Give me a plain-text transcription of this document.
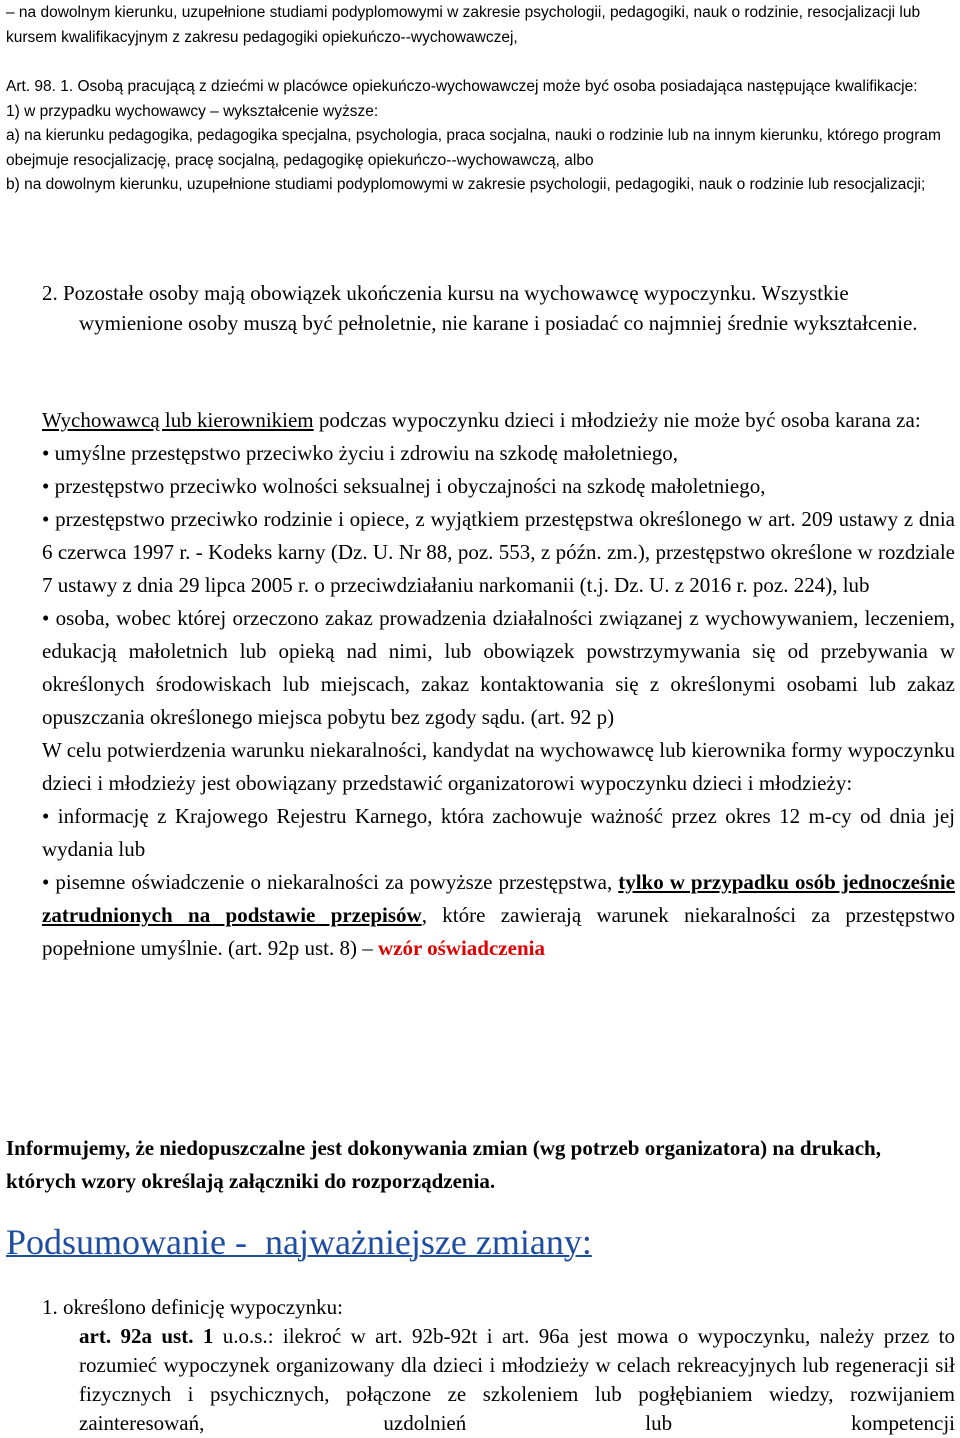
– na dowolnym kierunku, uzupełnione studiami podyplomowymi w zakresie psychologii, pedagogiki, nauk o rodzinie, resocjalizacji lub kursem kwalifikacyjnym z zakresu pedagogiki opiekuńczo--wychowawczej,

Art. 98. 1. Osobą pracującą z dziećmi w placówce opiekuńczo-wychowawczej może być osoba posiadająca następujące kwalifikacje:

1) w przypadku wychowawcy – wykształcenie wyższe:

a) na kierunku pedagogika, pedagogika specjalna, psychologia, praca socjalna, nauki o rodzinie lub na innym kierunku, którego program obejmuje resocjalizację, pracę socjalną, pedagogikę opiekuńczo--wychowawczą, albo

b) na dowolnym kierunku, uzupełnione studiami podyplomowymi w zakresie psychologii, pedagogiki, nauk o rodzinie lub resocjalizacji;

2. Pozostałe osoby mają obowiązek ukończenia kursu na wychowawcę wypoczynku. Wszystkie wymienione osoby muszą być pełnoletnie, nie karane i posiadać co najmniej średnie wykształcenie.

Wychowawcą lub kierownikiem podczas wypoczynku dzieci i młodzieży nie może być osoba karana za:

• umyślne przestępstwo przeciwko życiu i zdrowiu na szkodę małoletniego,

• przestępstwo przeciwko wolności seksualnej i obyczajności na szkodę małoletniego,

• przestępstwo przeciwko rodzinie i opiece, z wyjątkiem przestępstwa określonego w art. 209 ustawy z dnia 6 czerwca 1997 r. - Kodeks karny (Dz. U. Nr 88, poz. 553, z późn. zm.), przestępstwo określone w rozdziale 7 ustawy z dnia 29 lipca 2005 r. o przeciwdziałaniu narkomanii (t.j. Dz. U. z 2016 r. poz. 224), lub

• osoba, wobec której orzeczono zakaz prowadzenia działalności związanej z wychowywaniem, leczeniem, edukacją małoletnich lub opieką nad nimi, lub obowiązek powstrzymywania się od przebywania w określonych środowiskach lub miejscach, zakaz kontaktowania się z określonymi osobami lub zakaz opuszczania określonego miejsca pobytu bez zgody sądu. (art. 92 p)

W celu potwierdzenia warunku niekaralności, kandydat na wychowawcę lub kierownika formy wypoczynku dzieci i młodzieży jest obowiązany przedstawić organizatorowi wypoczynku dzieci i młodzieży:

• informację z Krajowego Rejestru Karnego, która zachowuje ważność przez okres 12 m-cy od dnia jej wydania lub

• pisemne oświadczenie o niekaralności za powyższe przestępstwa, tylko w przypadku osób jednocześnie zatrudnionych na podstawie przepisów, które zawierają warunek niekaralności za przestępstwo popełnione umyślnie. (art. 92p ust. 8) – wzór oświadczenia

Informujemy, że niedopuszczalne jest dokonywania zmian (wg potrzeb organizatora) na drukach, których wzory określają załączniki do rozporządzenia.

Podsumowanie -  najważniejsze zmiany:

1. określono definicję wypoczynku:

art. 92a ust. 1 u.o.s.: ilekroć w art. 92b-92t i art. 96a jest mowa o wypoczynku, należy przez to rozumieć wypoczynek organizowany dla dzieci i młodzieży w celach rekreacyjnych lub regeneracji sił fizycznych i psychicznych, połączone ze szkoleniem lub pogłębianiem wiedzy, rozwijaniem zainteresowań, uzdolnień lub kompetencji
